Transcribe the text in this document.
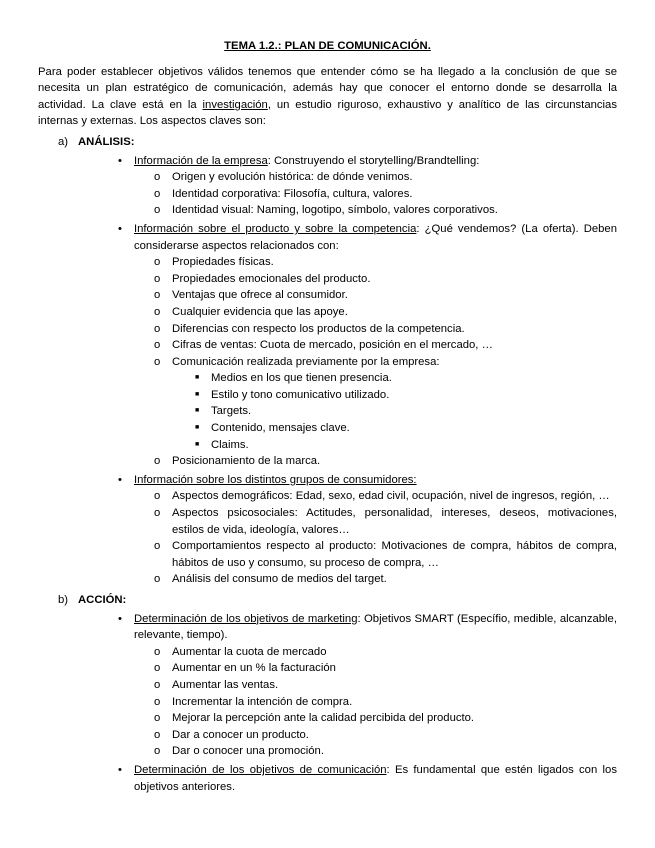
TEMA 1.2.: PLAN DE COMUNICACIÓN.
Para poder establecer objetivos válidos tenemos que entender cómo se ha llegado a la conclusión de que se necesita un plan estratégico de comunicación, además hay que conocer el entorno donde se desarrolla la actividad. La clave está en la investigación, un estudio riguroso, exhaustivo y analítico de las circunstancias internas y externas. Los aspectos claves son:
a) ANÁLISIS:
•	Información de la empresa: Construyendo el storytelling/Brandtelling:
o	Origen y evolución histórica: de dónde venimos.
o	Identidad corporativa: Filosofía, cultura, valores.
o	Identidad visual: Naming, logotipo, símbolo, valores corporativos.
•	Información sobre el producto y sobre la competencia: ¿Qué vendemos? (La oferta). Deben considerarse aspectos relacionados con:
o	Propiedades físicas.
o	Propiedades emocionales del producto.
o	Ventajas que ofrece al consumidor.
o	Cualquier evidencia que las apoye.
o	Diferencias con respecto los productos de la competencia.
o	Cifras de ventas: Cuota de mercado, posición en el mercado, …
o	Comunicación realizada previamente por la empresa:
■	Medios en los que tienen presencia.
■	Estilo y tono comunicativo utilizado.
■	Targets.
■	Contenido, mensajes clave.
■	Claims.
o	Posicionamiento de la marca.
•	Información sobre los distintos grupos de consumidores:
o	Aspectos demográficos: Edad, sexo, edad civil, ocupación, nivel de ingresos, región, …
o	Aspectos psicosociales: Actitudes, personalidad, intereses, deseos, motivaciones, estilos de vida, ideología, valores…
o	Comportamientos respecto al producto: Motivaciones de compra, hábitos de compra, hábitos de uso y consumo, su proceso de compra, …
o	Análisis del consumo de medios del target.
b) ACCIÓN:
•	Determinación de los objetivos de marketing: Objetivos SMART (Específio, medible, alcanzable, relevante, tiempo).
o	Aumentar la cuota de mercado
o	Aumentar en un % la facturación
o	Aumentar las ventas.
o	Incrementar la intención de compra.
o	Mejorar la percepción ante la calidad percibida del producto.
o	Dar a conocer un producto.
o	Dar o conocer una promoción.
•	Determinación de los objetivos de comunicación: Es fundamental que estén ligados con los objetivos anteriores.
